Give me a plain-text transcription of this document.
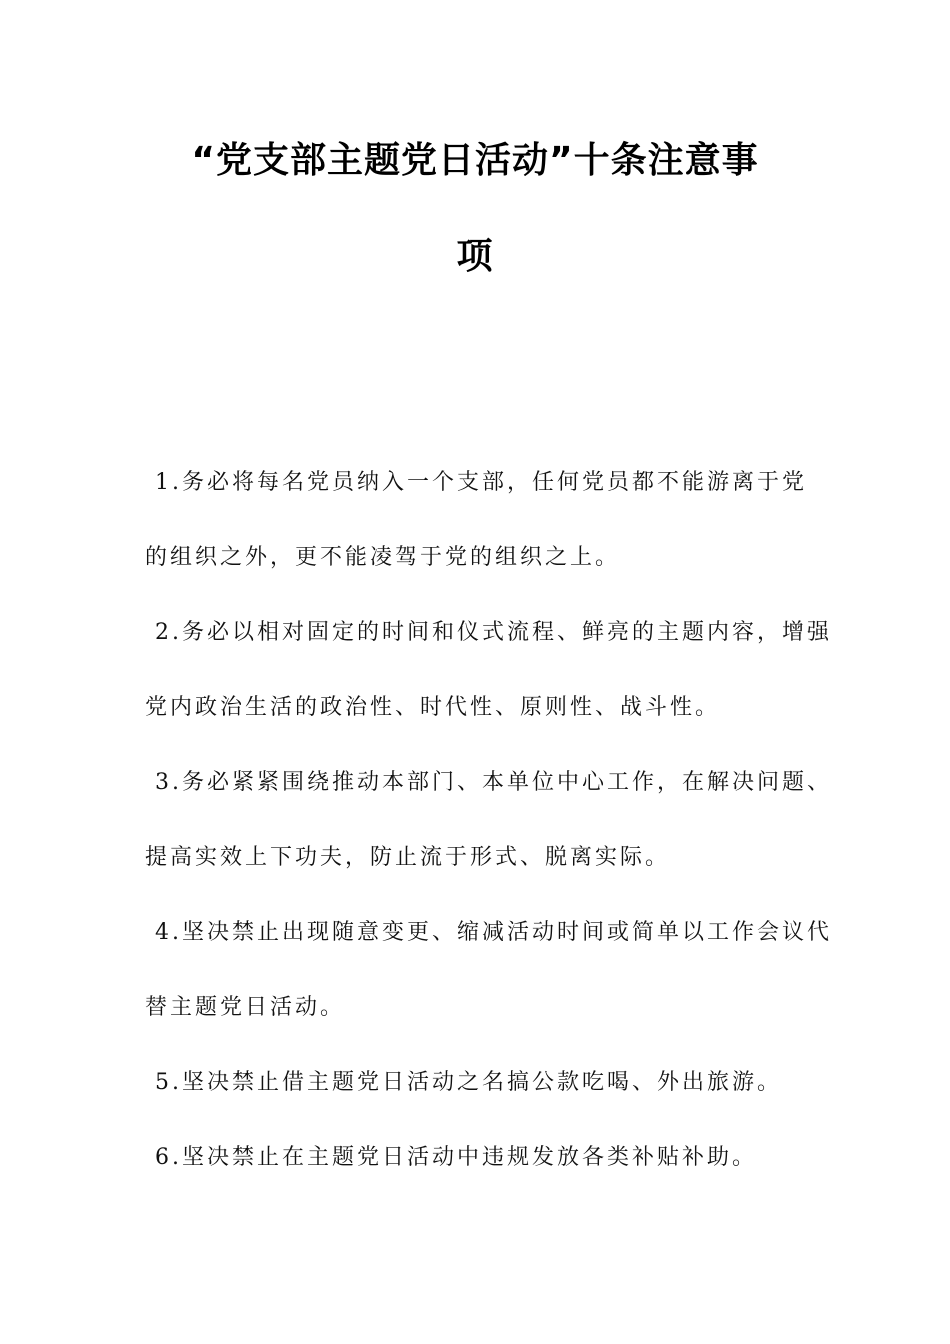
“党支部主题党日活动”十条注意事
项
1.务必将每名党员纳入一个支部，任何党员都不能游离于党
的组织之外，更不能凌驾于党的组织之上。
2.务必以相对固定的时间和仪式流程、鲜亮的主题内容，增强
党内政治生活的政治性、时代性、原则性、战斗性。
3.务必紧紧围绕推动本部门、本单位中心工作，在解决问题、
提高实效上下功夫，防止流于形式、脱离实际。
4.坚决禁止出现随意变更、缩减活动时间或简单以工作会议代
替主题党日活动。
5.坚决禁止借主题党日活动之名搞公款吃喝、外出旅游。
6.坚决禁止在主题党日活动中违规发放各类补贴补助。
